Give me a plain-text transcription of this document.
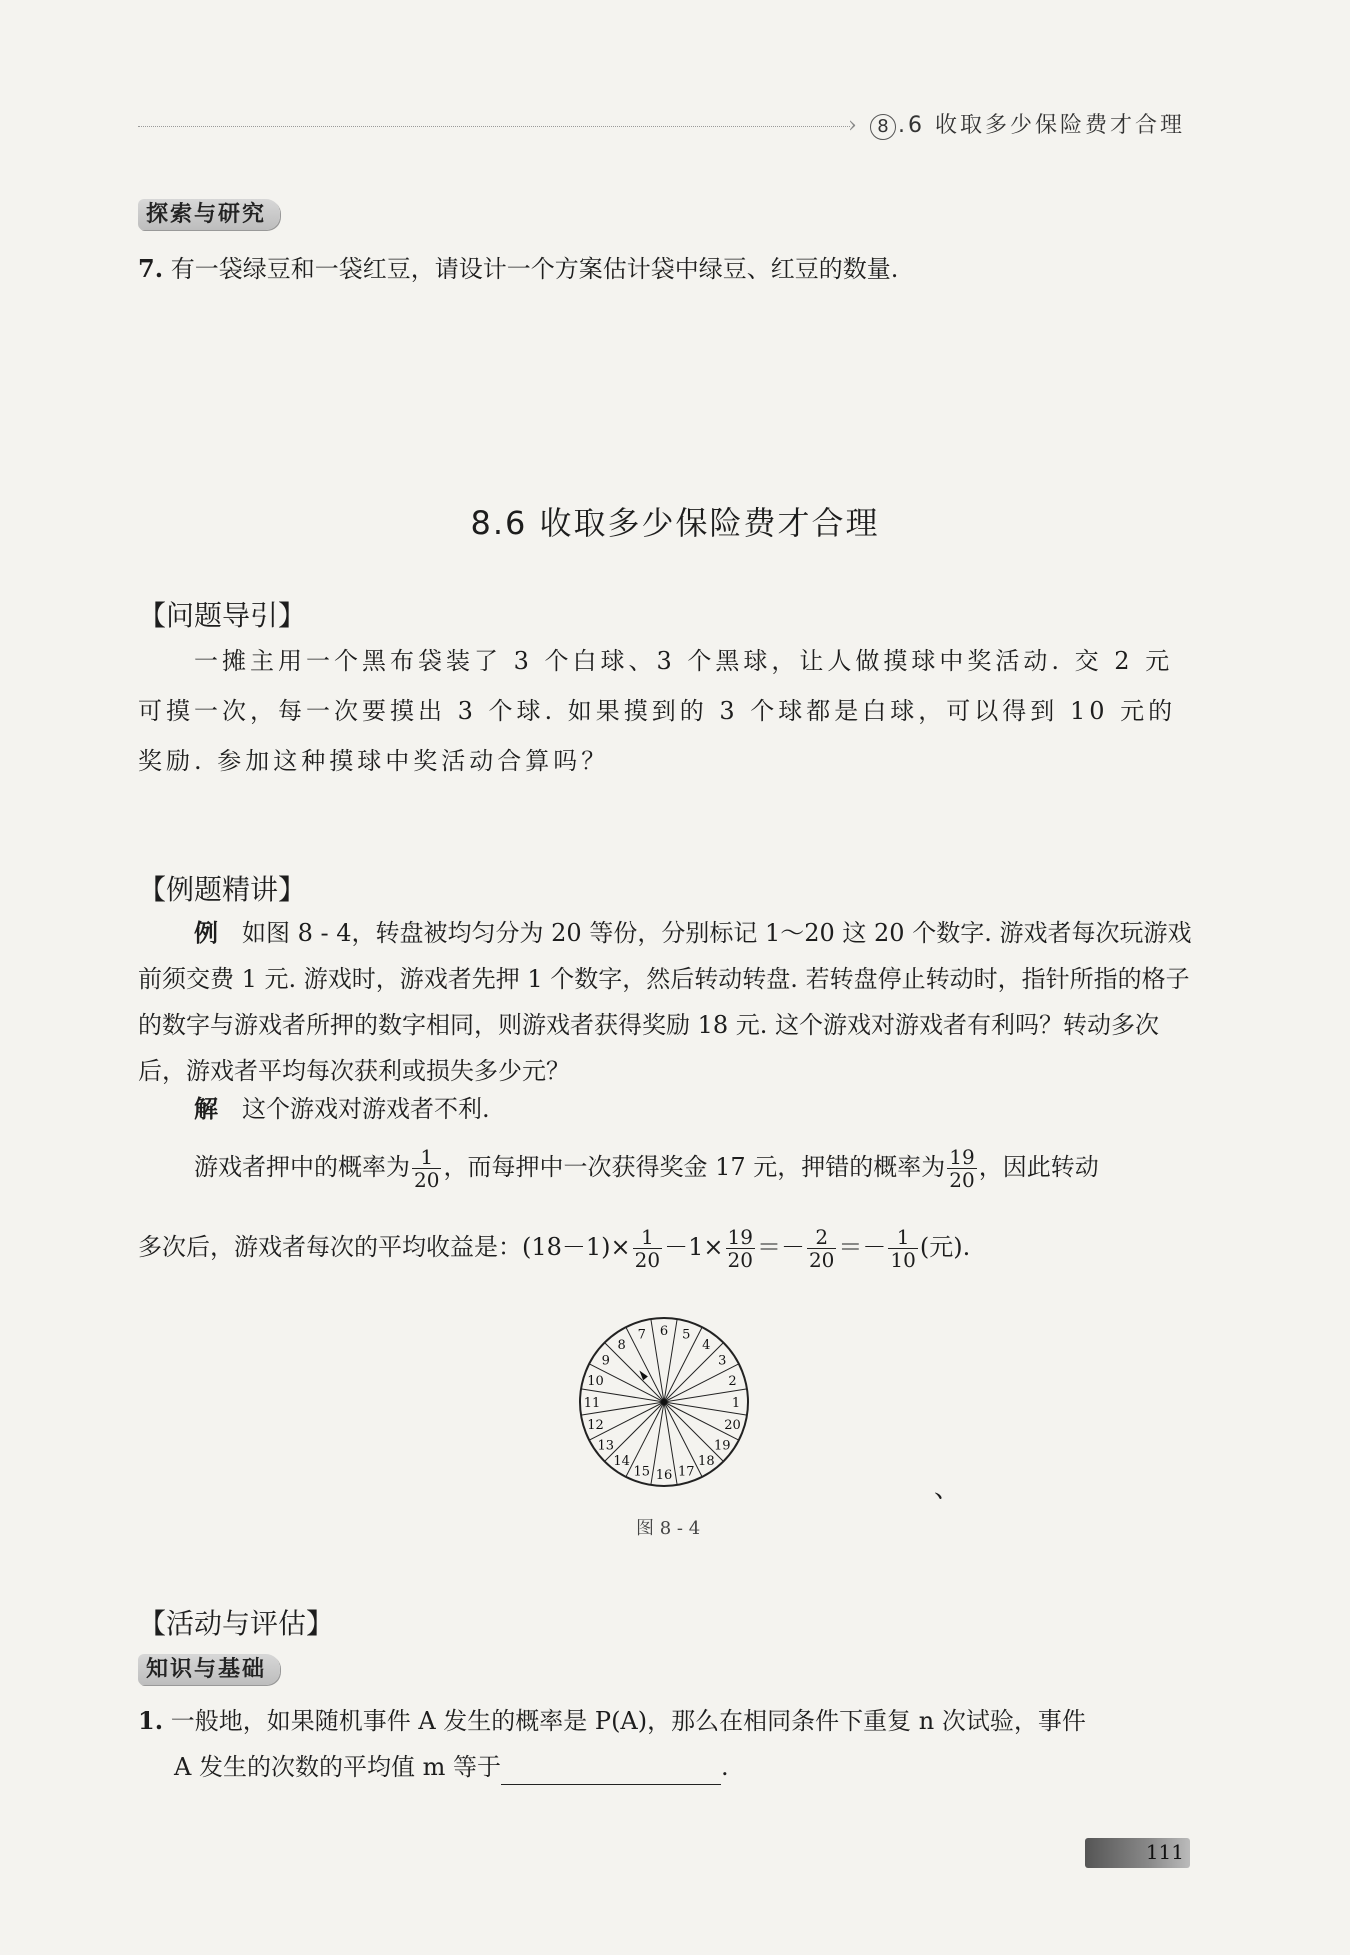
›	8 .6 收取多少保险费才合理
探索与研究
7. 有一袋绿豆和一袋红豆，请设计一个方案估计袋中绿豆、红豆的数量.
8.6 收取多少保险费才合理
【问题导引】
一摊主用一个黑布袋装了 3 个白球、3 个黑球，让人做摸球中奖活动. 交 2 元可摸一次，每一次要摸出 3 个球. 如果摸到的 3 个球都是白球，可以得到 10 元的奖励. 参加这种摸球中奖活动合算吗？
【例题精讲】
例　 如图 8 - 4，转盘被均匀分为 20 等份，分别标记 1～20 这 20 个数字. 游戏者每次玩游戏前须交费 1 元. 游戏时，游戏者先押 1 个数字，然后转动转盘. 若转盘停止转动时，指针所指的格子的数字与游戏者所押的数字相同，则游戏者获得奖励 18 元. 这个游戏对游戏者有利吗？转动多次后，游戏者平均每次获利或损失多少元？
解　 这个游戏对游戏者不利.
游戏者押中的概率为 $\frac{1}{20}$ ，而每押中一次获得奖金 17 元，押错的概率为 $\frac{19}{20}$ ，因此转动
多次后，游戏者每次的平均收益是：$(18-1)\times \frac{1}{20} -1\times \frac{19}{20} =- \frac{2}{20} =- \frac{1}{10}$ (元).
1
2
3
4
5
6
7
8
9
10
11
12
13
14
15 16 17
18
19
20
、
图 8 - 4
【活动与评估】
知识与基础
1. 一般地，如果随机事件 A 发生的概率是 P(A)，那么在相同条件下重复 n 次试验，事件
A 发生的次数的平均值 m 等于	.
111
